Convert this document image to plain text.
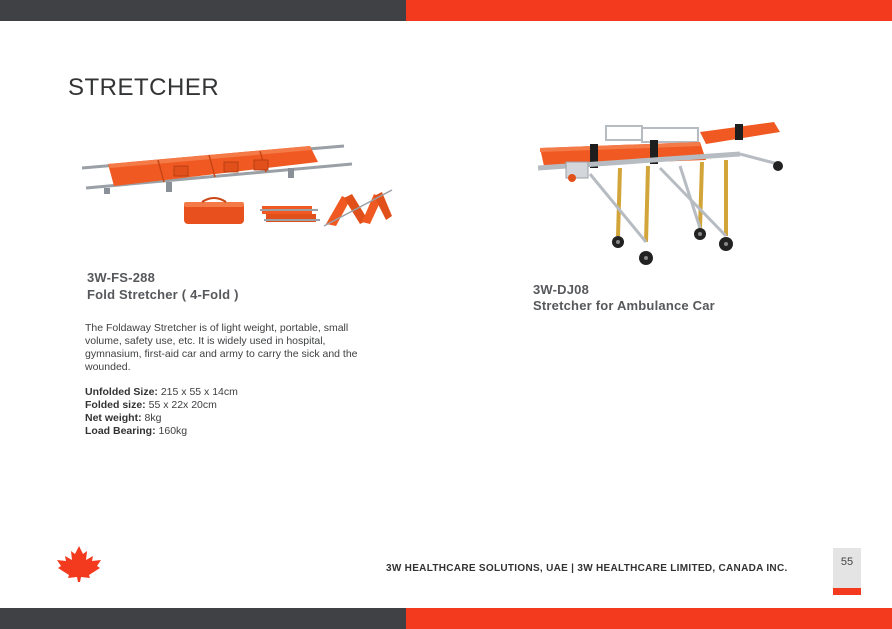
STRETCHER
3W-FS-288
Fold Stretcher ( 4-Fold )	3W-DJ08
Stretcher for Ambulance Car
The Foldaway Stretcher is of light weight, portable, small volume, safety use, etc. It is widely used in hospital, gymnasium, first-aid car and army to carry the sick and the wounded.
Unfolded Size: 215 x 55 x 14cm
Folded size: 55 x 22x 20cm
Net weight: 8kg
Load Bearing: 160kg
3W HEALTHCARE SOLUTIONS, UAE | 3W HEALTHCARE LIMITED, CANADA INC.
55
